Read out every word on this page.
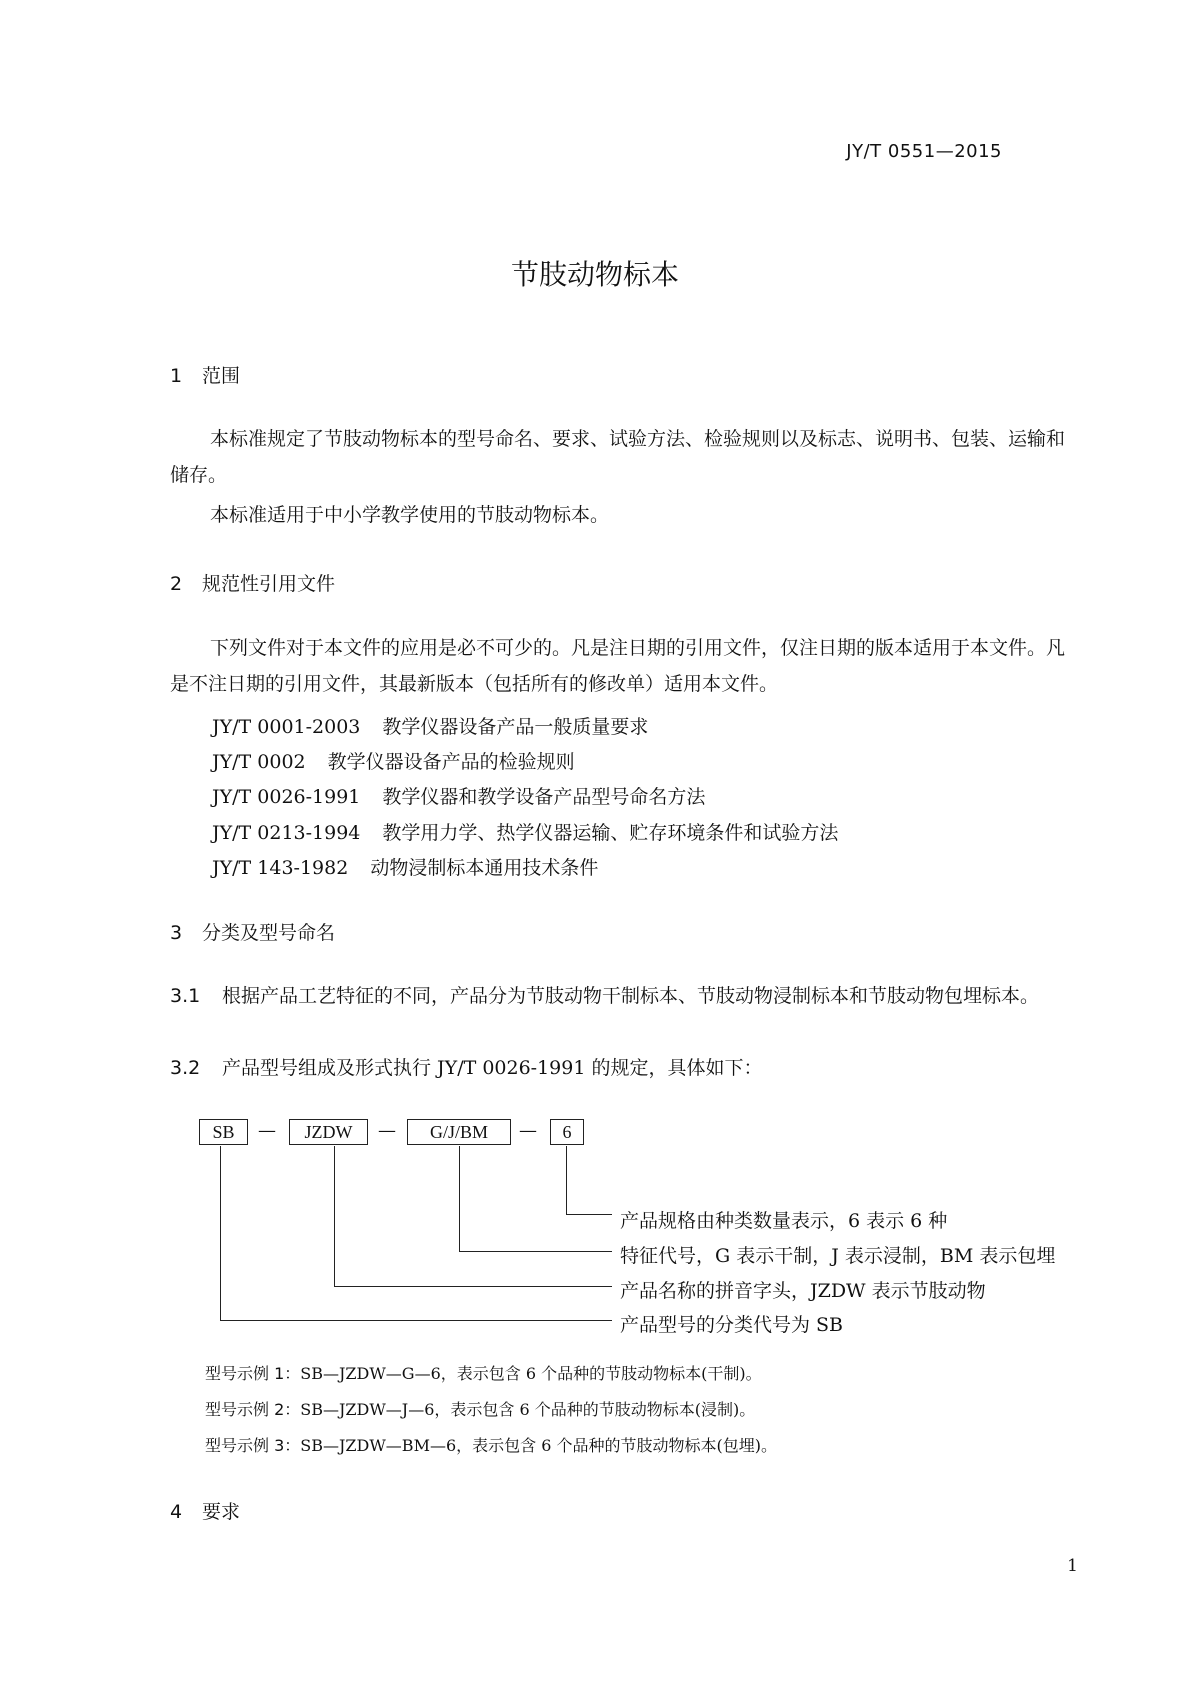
JY/T 0551—2015
节肢动物标本
1 范围
本标准规定了节肢动物标本的型号命名、要求、试验方法、检验规则以及标志、说明书、包装、运输和储存。
本标准适用于中小学教学使用的节肢动物标本。
2 规范性引用文件
下列文件对于本文件的应用是必不可少的。凡是注日期的引用文件，仅注日期的版本适用于本文件。凡是不注日期的引用文件，其最新版本（包括所有的修改单）适用本文件。
JY/T 0001-2003 教学仪器设备产品一般质量要求
JY/T 0002 教学仪器设备产品的检验规则
JY/T 0026-1991 教学仪器和教学设备产品型号命名方法
JY/T 0213-1994 教学用力学、热学仪器运输、贮存环境条件和试验方法
JY/T 143-1982 动物浸制标本通用技术条件
3 分类及型号命名
3.1 根据产品工艺特征的不同，产品分为节肢动物干制标本、节肢动物浸制标本和节肢动物包埋标本。
3.2 产品型号组成及形式执行 JY/T 0026-1991 的规定，具体如下：
SB	—	JZDW	—	G/J/BM	—	6
产品规格由种类数量表示，6 表示 6 种
特征代号，G 表示干制，J 表示浸制，BM 表示包埋
产品名称的拼音字头，JZDW 表示节肢动物
产品型号的分类代号为 SB
型号示例 1：SB—JZDW—G—6，表示包含 6 个品种的节肢动物标本(干制)。
型号示例 2：SB—JZDW—J—6，表示包含 6 个品种的节肢动物标本(浸制)。
型号示例 3：SB—JZDW—BM—6，表示包含 6 个品种的节肢动物标本(包埋)。
4 要求
1
